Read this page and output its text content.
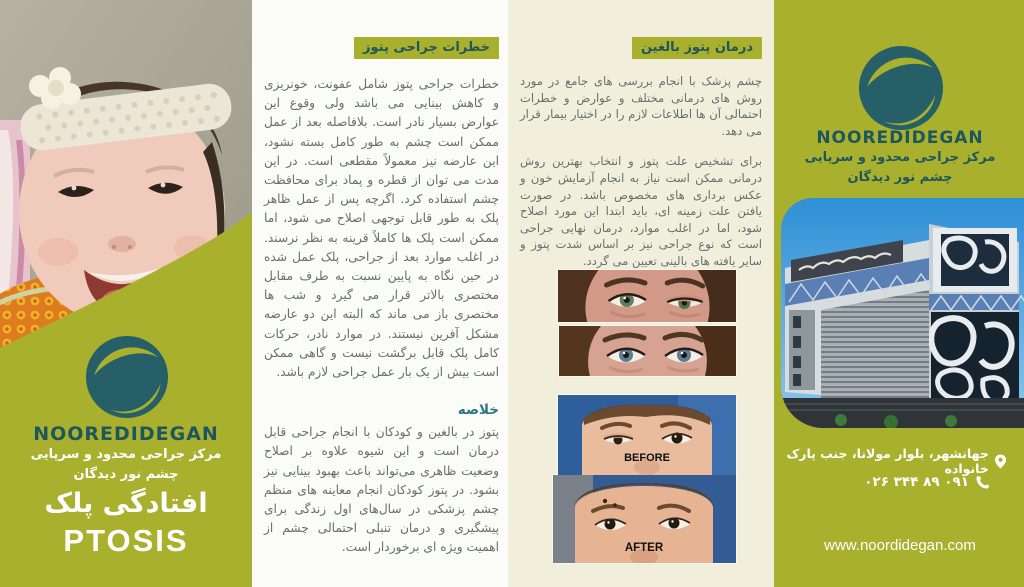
NOOREDIDEGAN
مرکز جراحی محدود و سرپایی
چشم نور دیدگان
افتادگی پلک
PTOSIS
خطرات جراحی پتوز
خطرات جراحی پتوز شامل عفونت، خونریزی و کاهش بینایی می باشد ولی وقوع این عوارض بسیار نادر است. بلافاصله بعد از عمل ممکن است چشم به طور کامل بسته نشود، این عارضه نیز معمولاً مقطعی است. در این مدت می توان از قطره و پماد برای محافظت چشم استفاده کرد. اگرچه پس از عمل ظاهر پلک به طور قابل توجهی اصلاح می شود، اما ممکن است پلک ها کاملاً قرینه به نظر نرسند. در اغلب موارد بعد از جراحی، پلک عمل شده در حین نگاه به پایین نسبت به طرف مقابل مختصری بالاتر قرار می گیرد و شب ها مختصری باز می ماند که البته این دو عارضه مشکل آفرین نیستند. در موارد نادر، حرکات کامل پلک قابل برگشت نیست و گاهی ممکن است بیش از یک بار عمل جراحی لازم باشد.
خلاصه
پتوز در بالغین و کودکان با انجام جراحی قابل درمان است و این شیوه علاوه بر اصلاح وضعیت ظاهری می‌تواند باعث بهبود بینایی نیز بشود. در پتوز کودکان انجام معاینه های منظم چشم پزشکی در سال‌های اول زندگی برای پیشگیری و درمان تنبلی احتمالی چشم از اهمیت ویژه ای برخوردار است.
درمان پتوز بالغین
چشم پزشک با انجام بررسی های جامع در مورد روش های درمانی مختلف و عوارض و خطرات احتمالی آن ها اطلاعات لازم را در اختیار بیمار قرار می دهد.
برای تشخیص علت پتوز و انتخاب بهترین روش درمانی ممکن است نیاز به انجام آزمایش خون و عکس برداری های مخصوص باشد. در صورت یافتن علت زمینه ای، باید ابتدا این مورد اصلاح شود، اما در اغلب موارد، درمان نهایی جراحی است که نوع جراحی نیز بر اساس شدت پتوز و سایر یافته های بالینی تعیین می گردد.
BEFORE
AFTER
NOOREDIDEGAN
مرکز جراحی محدود و سرپایی
چشم نور دیدگان
جهانشهر، بلوار مولانا، جنب پارک خانواده
۰۲۶ ۳۴۴ ۸۹ ۰۹۱
www.noordidegan.com
